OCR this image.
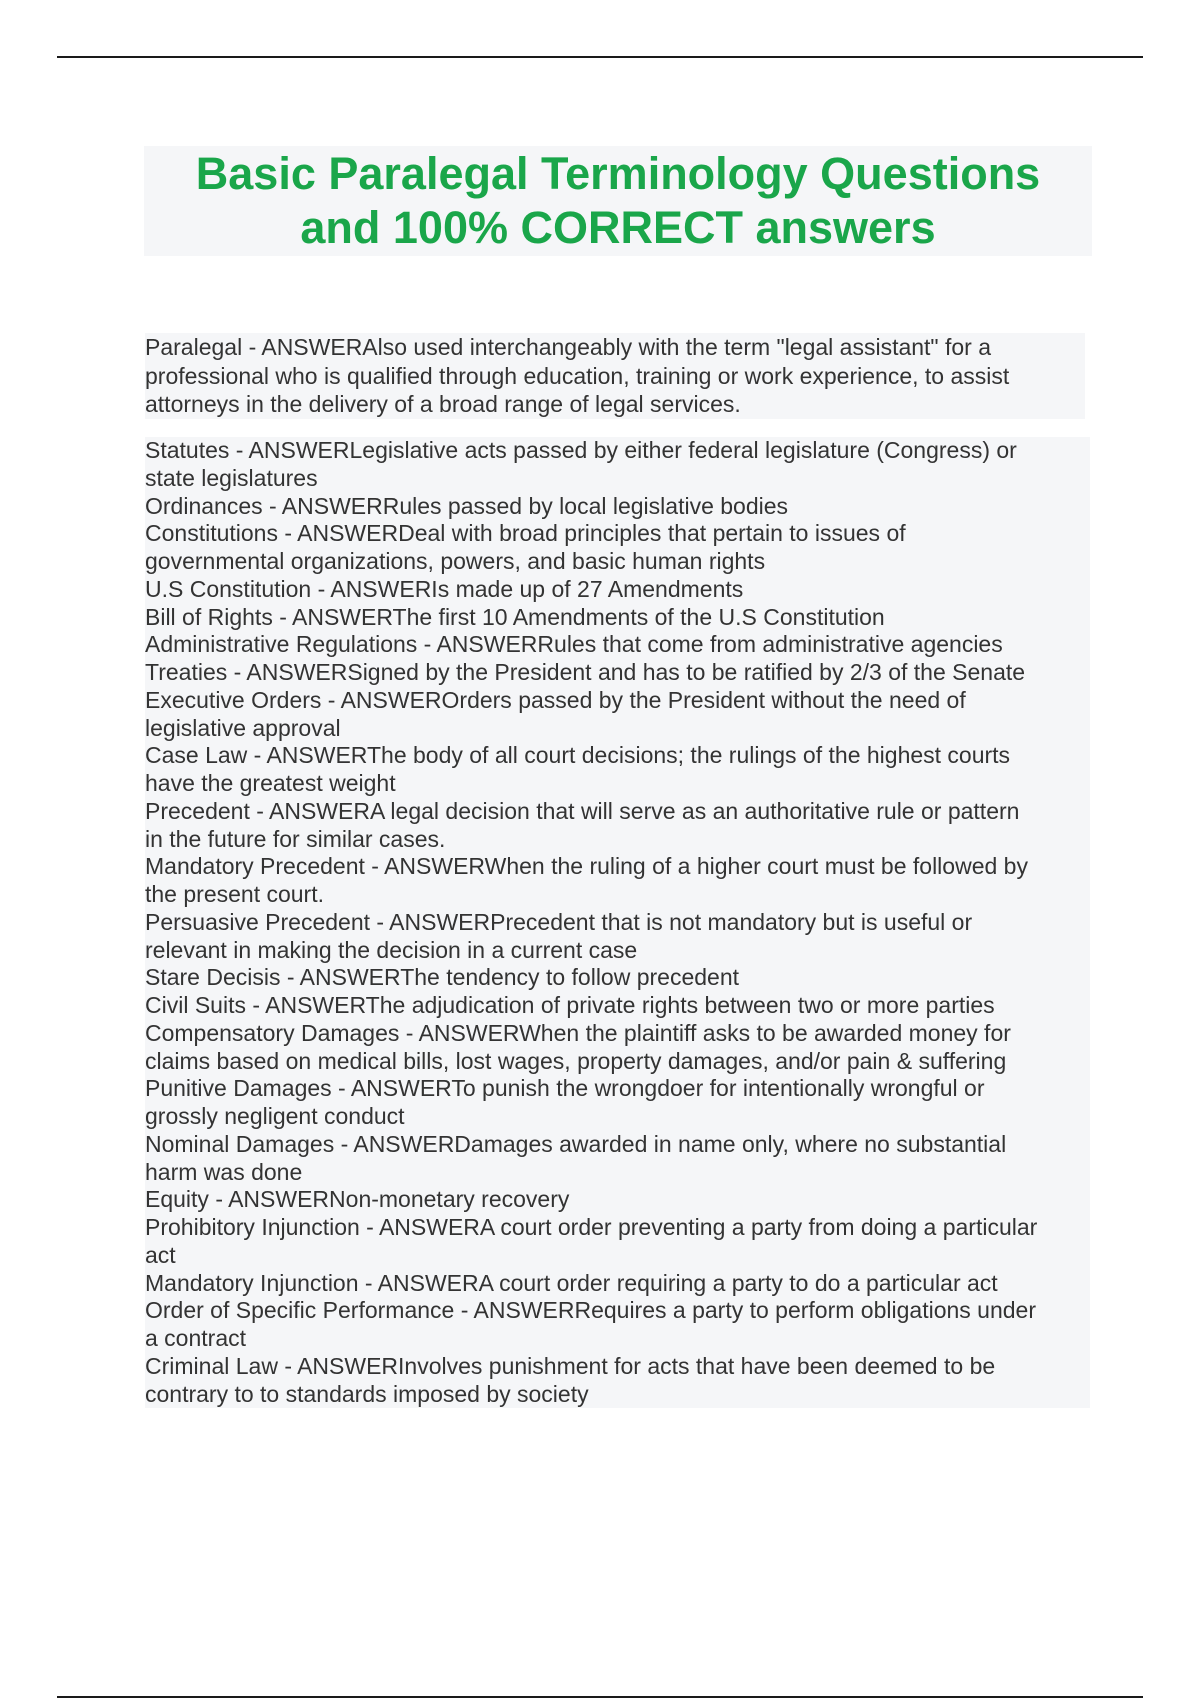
Basic Paralegal Terminology Questions
and 100% CORRECT answers
Paralegal - ANSWERAlso used interchangeably with the term "legal assistant" for a
professional who is qualified through education, training or work experience, to assist
attorneys in the delivery of a broad range of legal services.
Statutes - ANSWERLegislative acts passed by either federal legislature (Congress) or
state legislatures
Ordinances - ANSWERRules passed by local legislative bodies
Constitutions - ANSWERDeal with broad principles that pertain to issues of
governmental organizations, powers, and basic human rights
U.S Constitution - ANSWERIs made up of 27 Amendments
Bill of Rights - ANSWERThe first 10 Amendments of the U.S Constitution
Administrative Regulations - ANSWERRules that come from administrative agencies
Treaties - ANSWERSigned by the President and has to be ratified by 2/3 of the Senate
Executive Orders - ANSWEROrders passed by the President without the need of
legislative approval
Case Law - ANSWERThe body of all court decisions; the rulings of the highest courts
have the greatest weight
Precedent - ANSWERA legal decision that will serve as an authoritative rule or pattern
in the future for similar cases.
Mandatory Precedent - ANSWERWhen the ruling of a higher court must be followed by
the present court.
Persuasive Precedent - ANSWERPrecedent that is not mandatory but is useful or
relevant in making the decision in a current case
Stare Decisis - ANSWERThe tendency to follow precedent
Civil Suits - ANSWERThe adjudication of private rights between two or more parties
Compensatory Damages - ANSWERWhen the plaintiff asks to be awarded money for
claims based on medical bills, lost wages, property damages, and/or pain & suffering
Punitive Damages - ANSWERTo punish the wrongdoer for intentionally wrongful or
grossly negligent conduct
Nominal Damages - ANSWERDamages awarded in name only, where no substantial
harm was done
Equity - ANSWERNon-monetary recovery
Prohibitory Injunction - ANSWERA court order preventing a party from doing a particular
act
Mandatory Injunction - ANSWERA court order requiring a party to do a particular act
Order of Specific Performance - ANSWERRequires a party to perform obligations under
a contract
Criminal Law - ANSWERInvolves punishment for acts that have been deemed to be
contrary to to standards imposed by society
